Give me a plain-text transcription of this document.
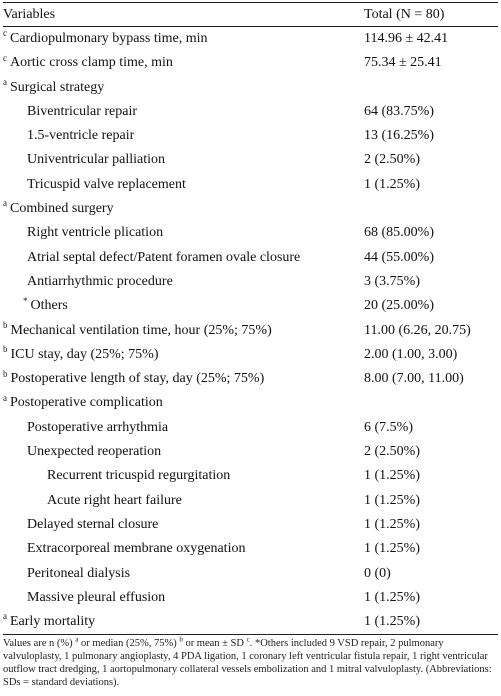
Variables	Total (N = 80)
$^c$ Cardiopulmonary bypass time, min	114.96 ± 42.41
$^c$ Aortic cross clamp time, min	75.34 ± 25.41
$^a$ Surgical strategy	
Biventricular repair	64 (83.75%)
1.5-ventricle repair	13 (16.25%)
Univentricular palliation	2 (2.50%)
Tricuspid valve replacement	1 (1.25%)
$^a$ Combined surgery	
Right ventricle plication	68 (85.00%)
Atrial septal defect/Patent foramen ovale closure	44 (55.00%)
Antiarrhythmic procedure	3 (3.75%)
* Others	20 (25.00%)
$^b$ Mechanical ventilation time, hour (25%; 75%)	11.00 (6.26, 20.75)
$^b$ ICU stay, day (25%; 75%)	2.00 (1.00, 3.00)
$^b$ Postoperative length of stay, day (25%; 75%)	8.00 (7.00, 11.00)
$^a$ Postoperative complication	
Postoperative arrhythmia	6 (7.5%)
Unexpected reoperation	2 (2.50%)
Recurrent tricuspid regurgitation	1 (1.25%)
Acute right heart failure	1 (1.25%)
Delayed sternal closure	1 (1.25%)
Extracorporeal membrane oxygenation	1 (1.25%)
Peritoneal dialysis	0 (0)
Massive pleural effusion	1 (1.25%)
$^a$ Early mortality	1 (1.25%)
Values are n (%) $^a$ or median (25%, 75%) $^b$ or mean ± SD $^c$. *Others included 9 VSD repair, 2 pulmonary valvuloplasty, 1 pulmonary angioplasty, 4 PDA ligation, 1 coronary left ventricular fistula repair, 1 right ventricular outflow tract dredging, 1 aortopulmonary collateral vessels embolization and 1 mitral valvuloplasty. (Abbreviations: SDs = standard deviations).
